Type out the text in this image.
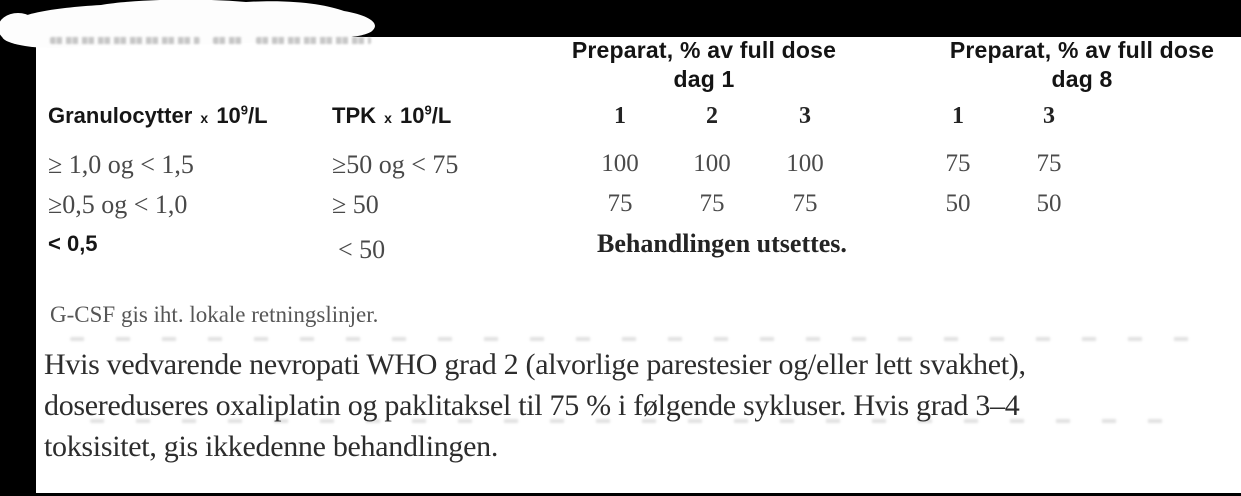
Preparat, % av full dose
dag 1
Preparat, % av full dose
dag 8
Granulocytter x $10^9/L$	TPK x $10^9/L$	1	2	3	1	3
≥ 1,0 og < 1,5	≥50 og < 75	100	100	100	75	75
≥0,5 og < 1,0	≥ 50	75	75	75	50	50
< 0,5	< 50	Behandlingen utsettes.
G-CSF gis iht. lokale retningslinjer.
Hvis vedvarende nevropati WHO grad 2 (alvorlige parestesier og/eller lett svakhet),
dosereduseres oxaliplatin og paklitaksel til 75 % i følgende sykluser. Hvis grad 3–4
toksisitet, gis ikkedenne behandlingen.
